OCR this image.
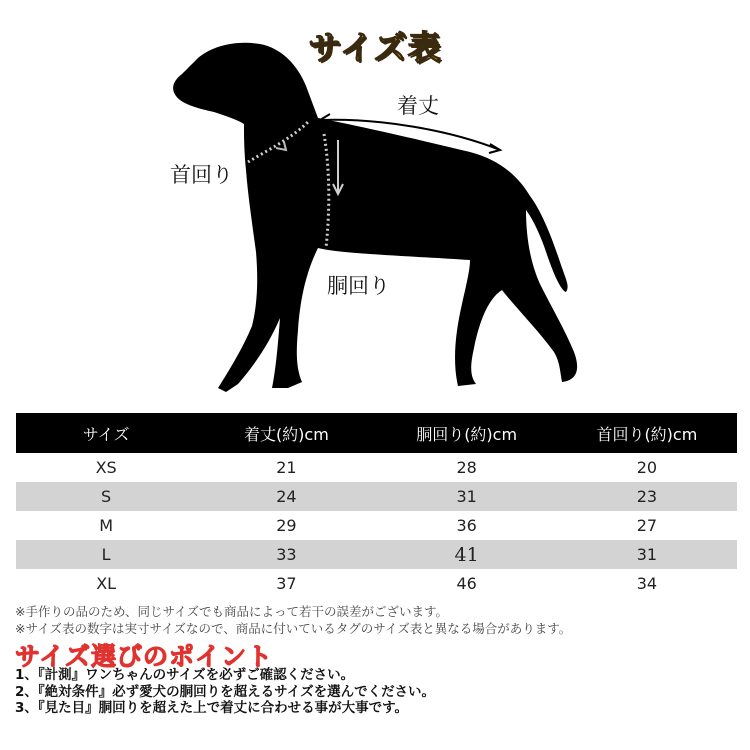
サイズ表
着丈
首回り
胴回り
サイズ	着丈(約)cm	胴回り(約)cm	首回り(約)cm
XS	21	28	20
S	24	31	23
M	29	36	27
L	33	41	31
XL	37	46	34
※手作りの品のため、同じサイズでも商品によって若干の誤差がございます。
※サイズ表の数字は実寸サイズなので、商品に付いているタグのサイズ表と異なる場合があります。
サイズ選びのポイント
1、『計測』ワンちゃんのサイズを必ずご確認ください。
2、『絶対条件』必ず愛犬の胴回りを超えるサイズを選んでください。
3、『見た目』胴回りを超えた上で着丈に合わせる事が大事です。
